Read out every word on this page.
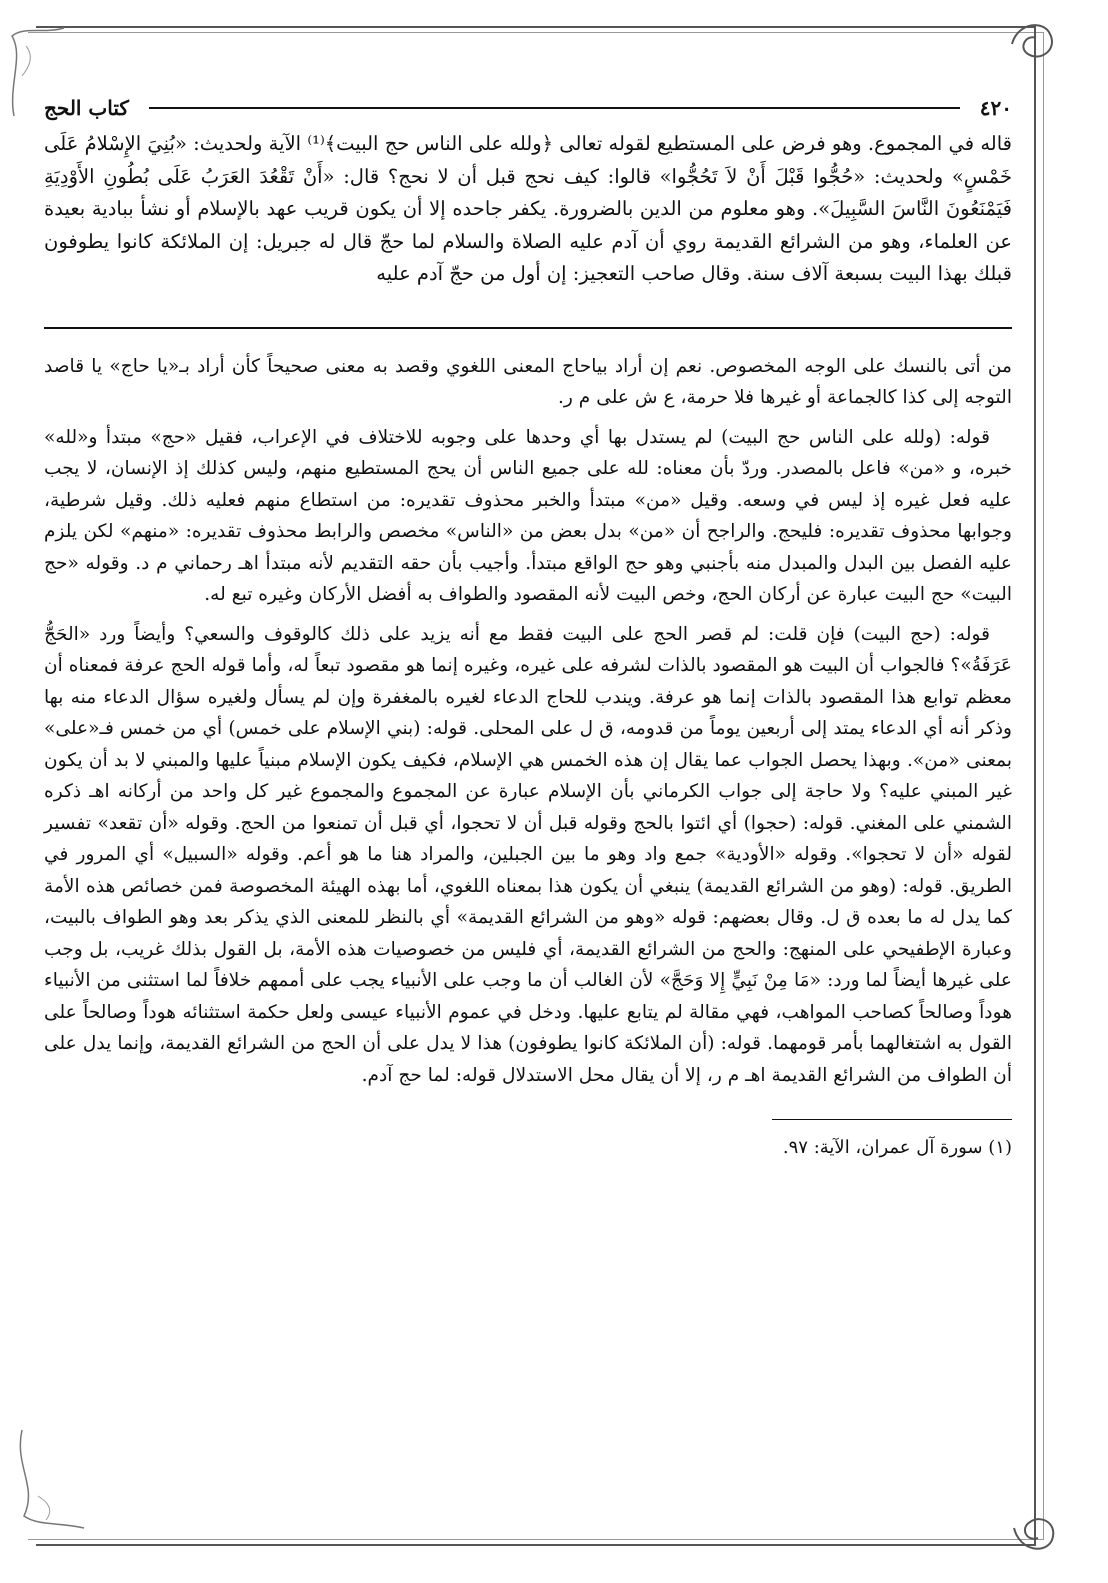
٤٢٠
كتاب الحج

قاله في المجموع. وهو فرض على المستطيع لقوله تعالى ﴿ولله على الناس حج البيت﴾⁽¹⁾ الآية ولحديث: «بُنِيَ الإِسْلامُ عَلَى خَمْسٍ» ولحديث: «حُجُّوا قَبْلَ أَنْ لاَ تَحُجُّوا» قالوا: كيف نحج قبل أن لا نحج؟ قال: «أَنْ تَقْعُدَ العَرَبُ عَلَى بُطُونِ الأَوْدِيَةِ فَيَمْنَعُونَ النَّاسَ السَّبِيلَ». وهو معلوم من الدين بالضرورة. يكفر جاحده إلا أن يكون قريب عهد بالإسلام أو نشأ ببادية بعيدة عن العلماء، وهو من الشرائع القديمة روي أن آدم عليه الصلاة والسلام لما حجّ قال له جبريل: إن الملائكة كانوا يطوفون قبلك بهذا البيت بسبعة آلاف سنة. وقال صاحب التعجيز: إن أول من حجّ آدم عليه

من أتى بالنسك على الوجه المخصوص. نعم إن أراد بياحاج المعنى اللغوي وقصد به معنى صحيحاً كأن أراد بـ«يا حاج» يا قاصد التوجه إلى كذا كالجماعة أو غيرها فلا حرمة، ع ش على م ر.

قوله: (ولله على الناس حج البيت) لم يستدل بها أي وحدها على وجوبه للاختلاف في الإعراب، فقيل «حج» مبتدأ و«لله» خبره، و «من» فاعل بالمصدر. وردّ بأن معناه: لله على جميع الناس أن يحج المستطيع منهم، وليس كذلك إذ الإنسان، لا يجب عليه فعل غيره إذ ليس في وسعه. وقيل «من» مبتدأ والخبر محذوف تقديره: من استطاع منهم فعليه ذلك. وقيل شرطية، وجوابها محذوف تقديره: فليحج. والراجح أن «من» بدل بعض من «الناس» مخصص والرابط محذوف تقديره: «منهم» لكن يلزم عليه الفصل بين البدل والمبدل منه بأجنبي وهو حج الواقع مبتدأ. وأجيب بأن حقه التقديم لأنه مبتدأ اهـ رحماني م د. وقوله «حج البيت» حج البيت عبارة عن أركان الحج، وخص البيت لأنه المقصود والطواف به أفضل الأركان وغيره تبع له.

قوله: (حج البيت) فإن قلت: لم قصر الحج على البيت فقط مع أنه يزيد على ذلك كالوقوف والسعي؟ وأيضاً ورد «الحَجُّ عَرَفَةُ»؟ فالجواب أن البيت هو المقصود بالذات لشرفه على غيره، وغيره إنما هو مقصود تبعاً له، وأما قوله الحج عرفة فمعناه أن معظم توابع هذا المقصود بالذات إنما هو عرفة. ويندب للحاج الدعاء لغيره بالمغفرة وإن لم يسأل ولغيره سؤال الدعاء منه بها وذكر أنه أي الدعاء يمتد إلى أربعين يوماً من قدومه، ق ل على المحلى. قوله: (بني الإسلام على خمس) أي من خمس فـ«على» بمعنى «من». وبهذا يحصل الجواب عما يقال إن هذه الخمس هي الإسلام، فكيف يكون الإسلام مبنياً عليها والمبني لا بد أن يكون غير المبني عليه؟ ولا حاجة إلى جواب الكرماني بأن الإسلام عبارة عن المجموع والمجموع غير كل واحد من أركانه اهـ ذكره الشمني على المغني. قوله: (حجوا) أي ائتوا بالحج وقوله قبل أن لا تحجوا، أي قبل أن تمنعوا من الحج. وقوله «أن تقعد» تفسير لقوله «أن لا تحجوا». وقوله «الأودية» جمع واد وهو ما بين الجبلين، والمراد هنا ما هو أعم. وقوله «السبيل» أي المرور في الطريق. قوله: (وهو من الشرائع القديمة) ينبغي أن يكون هذا بمعناه اللغوي، أما بهذه الهيئة المخصوصة فمن خصائص هذه الأمة كما يدل له ما بعده ق ل. وقال بعضهم: قوله «وهو من الشرائع القديمة» أي بالنظر للمعنى الذي يذكر بعد وهو الطواف بالبيت، وعبارة الإطفيحي على المنهج: والحج من الشرائع القديمة، أي فليس من خصوصيات هذه الأمة، بل القول بذلك غريب، بل وجب على غيرها أيضاً لما ورد: «مَا مِنْ نَبِيٍّ إِلا وَحَجَّ» لأن الغالب أن ما وجب على الأنبياء يجب على أممهم خلافاً لما استثنى من الأنبياء هوداً وصالحاً كصاحب المواهب، فهي مقالة لم يتابع عليها. ودخل في عموم الأنبياء عيسى ولعل حكمة استثنائه هوداً وصالحاً على القول به اشتغالهما بأمر قومهما. قوله: (أن الملائكة كانوا يطوفون) هذا لا يدل على أن الحج من الشرائع القديمة، وإنما يدل على أن الطواف من الشرائع القديمة اهـ م ر، إلا أن يقال محل الاستدلال قوله: لما حج آدم.

(١) سورة آل عمران، الآية: ٩٧.
